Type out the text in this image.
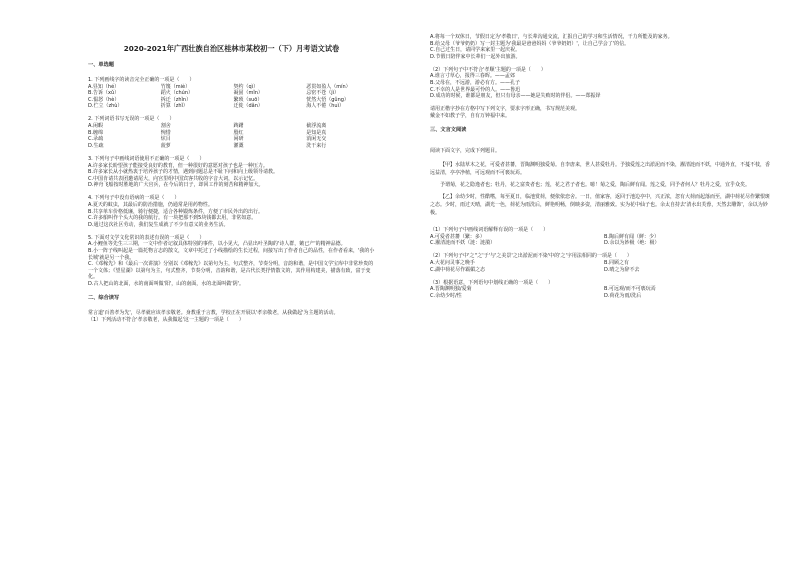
2020-2021年广西壮族自治区桂林市某校初一（下）月考语文试卷
一、单选题
1. 下列画线字的读音完全正确的一项是（　　）
A.昼知（hé）	竹篾（miè）	契约（qì）	恶贯如盈人（mín）
B.告诉（xǔ）	蹈火（chún）	凝固（mǐn）	忌密不苍（jì）
C.愠怒（hè）	拆迁（zhǐn）	繁琐（suō）	恍然大悟（gǔng）
D.伫立（zhù）	折算（zhǐ）	迁徙（dǎn）	海人不倦（huì）
2. 下列词语书写无误的一项是（　　）
A.闲暇	割舍	踌躇	截浮流离
B.缠绵	惋惜	殷红	是知是真
C.录疏	炫目	闲研	消闲无交
D.生疏	菠萝	灌溉	洗干来行
3. 下列句子中画线词语使用不正确的一项是（　　）
A.许多家长盼望孩子能接受良好的教育，但一种很好的意愿对孩子也是一种压力。
B.许多家长从小就热衷于培养孩子的才情，遇到问题总是不耻下问和向上级领导请教。
C.中国肯请共表团邀请尾大，向宫里组中国宾客共收的字音大词，以示记忆。
D.神舟飞船按时胜地的广大官兵，在今后的日子，却回工作的刻苦和精神加大。
4. 下列句子中没有语病的一项是（　　）
A.夏天的蚊虫，其最后的防治措施，仍通常是用药物性。
B.共享单车价格低廉，骑行便捷，适合各种锻炼条件，方便了市民外出的出行。
C.许多船叫作个头大的我的航行。有一块把那不到5块钱都去用，非常如意。
D.通过这次社区劳动，我们复生成就了不少有意义的业务生活。
5. 下面对文学文化常识的表述有误的一项是（　　）
A.小鲤鱼等先生三三期，一文中作者记叙具体特别的事件，以小见大，凸显出叶圣陶的'诗人群，皴已产'的精神品德。
B.小一阵子线叫起是一篇托物言志的散文，文章中托过了小线描绘的生长过程，间接写出了作者自己的品性，在作者看来，'我的小长城'就是另一个我。
C.《邓稼先》和《最后一次讲演》分别以《邓稼先》以第句为主，句式整齐，节奏分明，音韵和谐，是中国文学宝库中非常珍贵的一个文体；《望星湖》以第句为主，句式整齐，节奏分明，音韵和谐，是古代长类抒情散文的，其作用构建美，描落有致，富于变化。
D.古人把山的北面，水的南面叫做'阳'，山的南面，水的北面叫做'阴'。
二、综合读写
常言道'百善孝为先'，尽孝就应该孝亲敬老。身教重于言教，学校正在开展以'孝亲敬老，从我做起'为主题的活动。
（1）下列活动不符合'孝亲敬老，从我做起'这一主题的一项是（　　）
A.将每一个双休日，节假日定为'孝敬日'，与长辈沟通交流，汇报自己的学习和生活情况，干力所能及的家务。
B.给父母（爷爷奶奶）写一封主题为'我最是爸爸妈妈（爷爷奶奶）'，让自己学会了'的信。
C.自己过生日，请同学来家里一起庆祝。
D.节假日陪伴家中长辈们一起外出旅游。
（2）下列句子中不符合'孝顺'主题的一项是（　　）
A.谁言寸草心，报得三春晖。——孟郊
B.父母在，不远游，游必有方。——孔子
C.不幸的人是世界最可怜的人。——鲁迅
D.成功的时候，谁都是朋友，但只有母亲——她是失败时的伴侣。——郑振铎
请用正楷字抄在方格中写下列文字，要求字形正确，书写规范美观。
戴金不如教子学，自有万钟福中来。
三、文言文阅读
阅读下面文字，完成下列题目。
【甲】水陆草木之花，可爱者甚蕃，晋陶渊明独爱菊。自李唐来，世人甚爱牡丹。予独爱莲之出淤泥而不染，濯清涟而不妖，中通外直，不蔓不枝，香远益清，亭亭净植，可远观而不可亵玩焉。
予谓菊，花之隐逸者也；牡丹，花之富贵者也；莲，花之君子者也。噫！菊之爱，陶后鲜有闻。莲之爱，同予者何人？牡丹之爱，宜乎众矣。
【乙】余幼少时，性酷嗜，每至夏日，临池赏荷，便依依恋舍。一日，值家客，返回于池边亭中，兴正浓，忽有大荷而起落而至，湖中荷花尽作繁恨斑之态。少时，雨过天晴，湖光一色，荷花为雨洗后，鲜艳明畅，倒映多姿，清丽雅致。实为花中仙子也。余太自持去'清水出芙蓉，天然去雕饰'，余以为妙极。
（1）下列句子中画线词语解释有误的一项是（　　）
A.可爱者甚蕃（繁：多）	B.陶后鲜有闻（鲜：少）
C.濯清涟而不妖（涟：涟漪）	D.余以为妙极（绝：极）
（2）下列句子中'之''之'于'与'之美景'之出淤泥而不染'中的'之'字用法相同的一项是（　　）
A.大花问灵事之晚手	B.同顾之有
C.湖中荷花尽作霸媚之态	D.晴之为辞不去
（3）根据语意，下列语句中划线正确的一项是（　　）
A.晋陶渊明独/爱菊	B.可远观/而不可亵玩焉
C.余幼少时/性	D.荷花为雨/洗后
